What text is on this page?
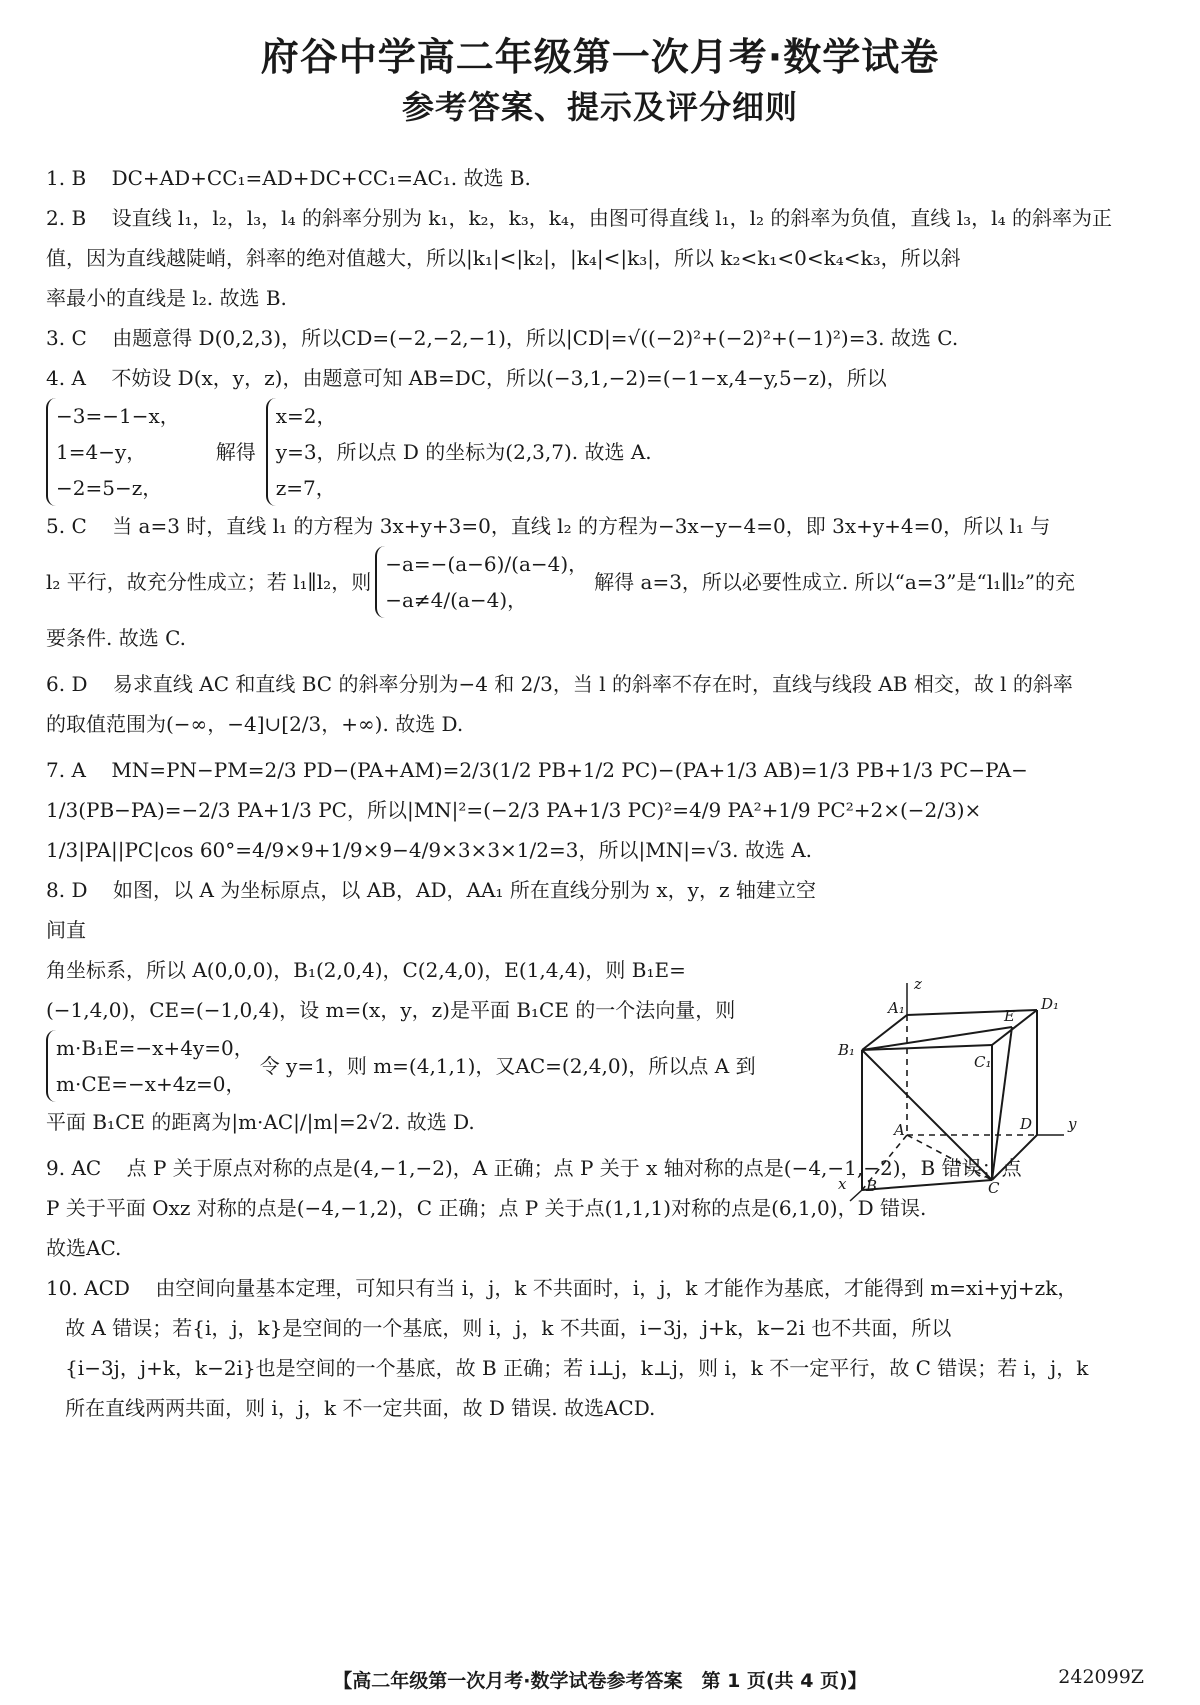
府谷中学高二年级第一次月考·数学试卷
参考答案、提示及评分细则

1. B DC+AD+CC₁=AD+DC+CC₁=AC₁. 故选 B.

2. B 设直线 l₁，l₂，l₃，l₄ 的斜率分别为 k₁，k₂，k₃，k₄，由图可得直线 l₁，l₂ 的斜率为负值，直线 l₃，l₄ 的斜率为正
值，因为直线越陡峭，斜率的绝对值越大，所以|k₁|<|k₂|，|k₄|<|k₃|，所以 k₂<k₁<0<k₄<k₃，所以斜
率最小的直线是 l₂. 故选 B.

3. C 由题意得 D(0,2,3)，所以CD=(−2,−2,−1)，所以|CD|=√((−2)²+(−2)²+(−1)²)=3. 故选 C.

4. A 不妨设 D(x，y，z)，由题意可知 AB=DC，所以(−3,1,−2)=(−1−x,4−y,5−z)，所以

−3=−1−x，
1=4−y，
−2=5−z，
解得
x=2，
y=3，所以点 D 的坐标为(2,3,7). 故选 A.
z=7，

5. C 当 a=3 时，直线 l₁ 的方程为 3x+y+3=0，直线 l₂ 的方程为−3x−y−4=0，即 3x+y+4=0，所以 l₁ 与

l₂ 平行，故充分性成立；若 l₁∥l₂，则
−a=−(a−6)/(a−4)，
−a≠4/(a−4)，
解得 a=3，所以必要性成立. 所以“a=3”是“l₁∥l₂”的充

要条件. 故选 C.

6. D 易求直线 AC 和直线 BC 的斜率分别为−4 和 2/3，当 l 的斜率不存在时，直线与线段 AB 相交，故 l 的斜率
的取值范围为(−∞，−4]∪[2/3，+∞). 故选 D.

7. A MN=PN−PM=2/3 PD−(PA+AM)=2/3(1/2 PB+1/2 PC)−(PA+1/3 AB)=1/3 PB+1/3 PC−PA−
1/3(PB−PA)=−2/3 PA+1/3 PC，所以|MN|²=(−2/3 PA+1/3 PC)²=4/9 PA²+1/9 PC²+2×(−2/3)×
1/3|PA||PC|cos 60°=4/9×9+1/9×9−4/9×3×3×1/2=3，所以|MN|=√3. 故选 A.

8. D 如图，以 A 为坐标原点，以 AB，AD，AA₁ 所在直线分别为 x，y，z 轴建立空间直
角坐标系，所以 A(0,0,0)，B₁(2,0,4)，C(2,4,0)，E(1,4,4)，则 B₁E=
(−1,4,0)，CE=(−1,0,4)，设 m=(x，y，z)是平面 B₁CE 的一个法向量，则

m·B₁E=−x+4y=0，
m·CE=−x+4z=0，
令 y=1，则 m=(4,1,1)，又AC=(2,4,0)，所以点 A 到

平面 B₁CE 的距离为|m·AC|/|m|=2√2. 故选 D.

9. AC 点 P 关于原点对称的点是(4,−1,−2)，A 正确；点 P 关于 x 轴对称的点是(−4,−1,−2)，B 错误；点
P 关于平面 Oxz 对称的点是(−4,−1,2)，C 正确；点 P 关于点(1,1,1)对称的点是(6,1,0)，D 错误.
故选AC.

10. ACD 由空间向量基本定理，可知只有当 i，j，k 不共面时，i，j，k 才能作为基底，才能得到 m=xi+yj+zk，
故 A 错误；若{i，j，k}是空间的一个基底，则 i，j，k 不共面，i−3j，j+k，k−2i 也不共面，所以
{i−3j，j+k，k−2i}也是空间的一个基底，故 B 正确；若 i⊥j，k⊥j，则 i，k 不一定平行，故 C 错误；若 i，j，k
所在直线两两共面，则 i，j，k 不一定共面，故 D 错误. 故选ACD.

z
A₁	D₁
E
B₁
C₁
A	D y
x B	C
【高二年级第一次月考·数学试卷参考答案　第 1 页(共 4 页)】	242099Z
